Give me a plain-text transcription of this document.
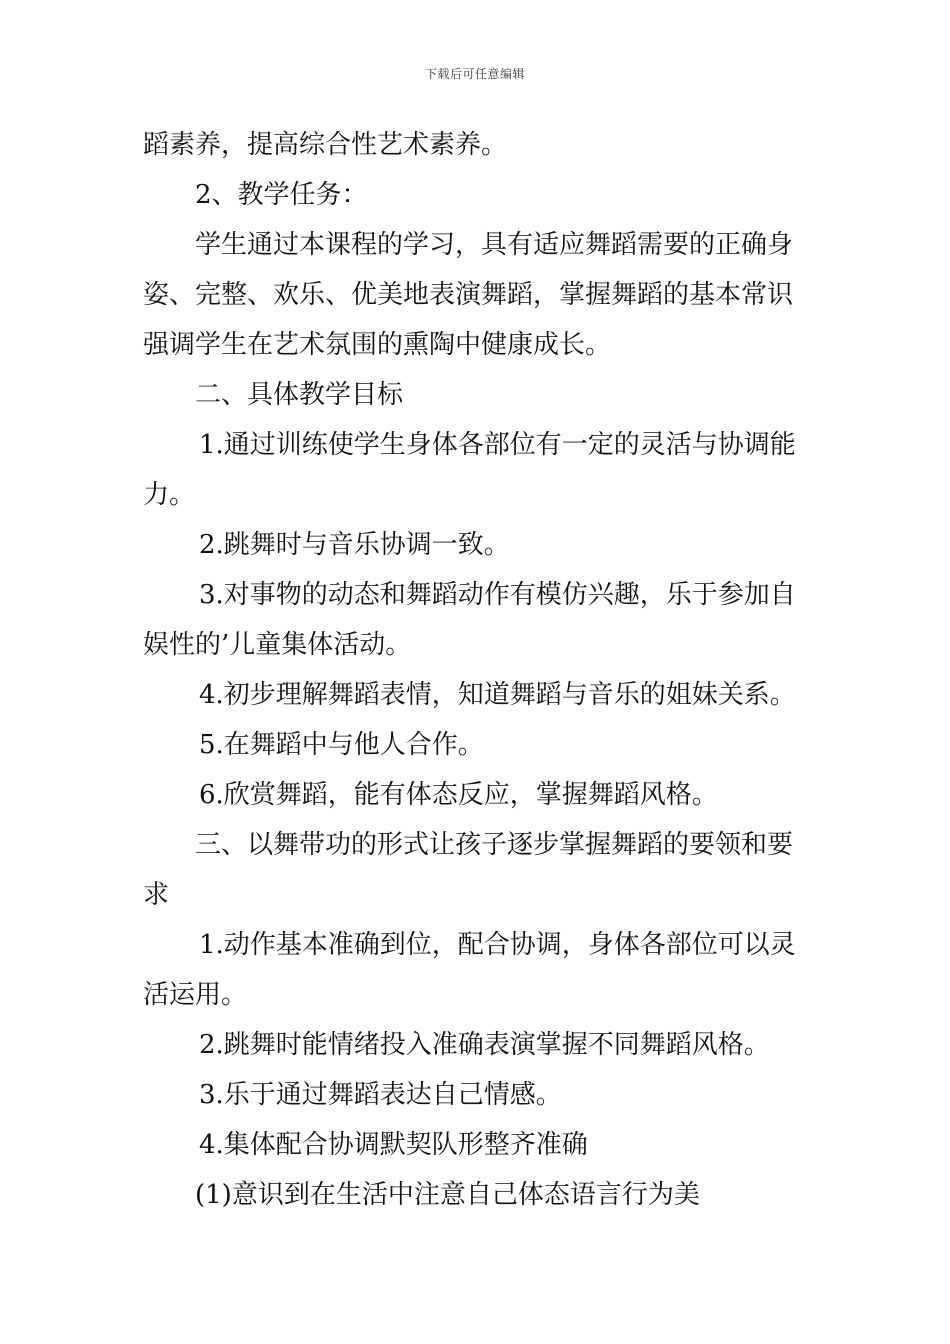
下载后可任意编辑
蹈素养，提高综合性艺术素养。
2、教学任务：
学生通过本课程的学习，具有适应舞蹈需要的正确身
姿、完整、欢乐、优美地表演舞蹈，掌握舞蹈的基本常识
强调学生在艺术氛围的熏陶中健康成长。
二、具体教学目标
1.通过训练使学生身体各部位有一定的灵活与协调能
力。
2.跳舞时与音乐协调一致。
3.对事物的动态和舞蹈动作有模仿兴趣，乐于参加自
娱性的’儿童集体活动。
4.初步理解舞蹈表情，知道舞蹈与音乐的姐妹关系。
5.在舞蹈中与他人合作。
6.欣赏舞蹈，能有体态反应，掌握舞蹈风格。
三、以舞带功的形式让孩子逐步掌握舞蹈的要领和要
求
1.动作基本准确到位，配合协调，身体各部位可以灵
活运用。
2.跳舞时能情绪投入准确表演掌握不同舞蹈风格。
3.乐于通过舞蹈表达自己情感。
4.集体配合协调默契队形整齐准确
(1)意识到在生活中注意自己体态语言行为美
